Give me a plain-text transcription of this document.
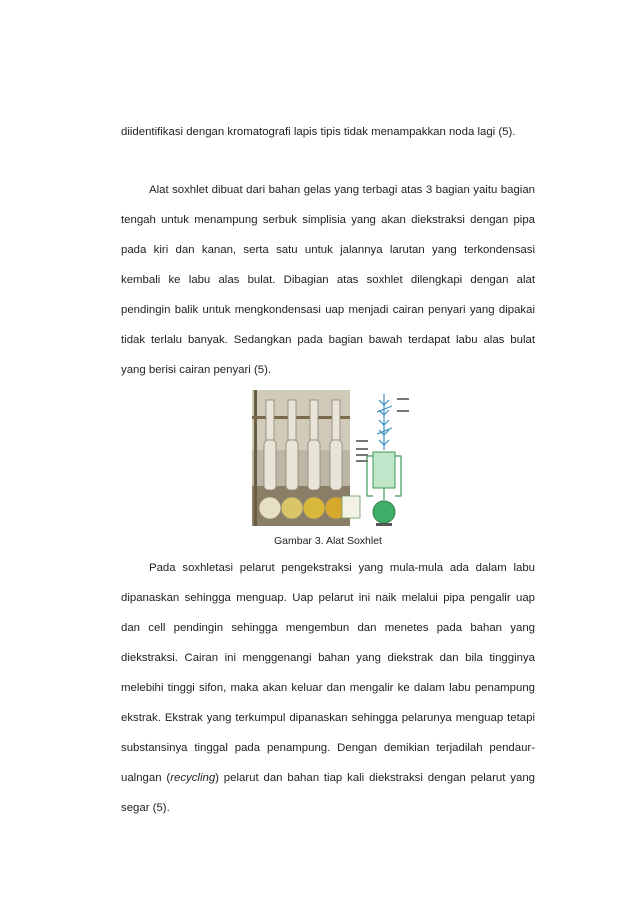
diidentifikasi dengan kromatografi lapis tipis tidak menampakkan noda lagi (5).

Alat soxhlet dibuat dari bahan gelas yang terbagi atas 3 bagian yaitu bagian tengah untuk menampung serbuk simplisia yang akan diekstraksi dengan pipa pada kiri dan kanan, serta satu untuk jalannya larutan yang terkondensasi kembali ke labu alas bulat. Dibagian atas soxhlet dilengkapi dengan alat pendingin balik untuk mengkondensasi uap menjadi cairan penyari yang dipakai tidak terlalu banyak. Sedangkan pada bagian bawah terdapat labu alas bulat yang berisi cairan penyari (5).

Gambar 3. Alat Soxhlet

Pada soxhletasi pelarut pengekstraksi yang mula-mula ada dalam labu dipanaskan sehingga menguap. Uap pelarut ini naik melalui pipa pengalir uap dan cell pendingin sehingga mengembun dan menetes pada bahan yang diekstraksi. Cairan ini menggenangi bahan yang diekstrak dan bila tingginya melebihi tinggi sifon, maka akan keluar dan mengalir ke dalam labu penampung ekstrak. Ekstrak yang terkumpul dipanaskan sehingga pelarunya menguap tetapi substansinya tinggal pada penampung. Dengan demikian terjadilah pendaur-ualngan (recycling) pelarut dan bahan tiap kali diekstraksi dengan pelarut yang segar (5).
